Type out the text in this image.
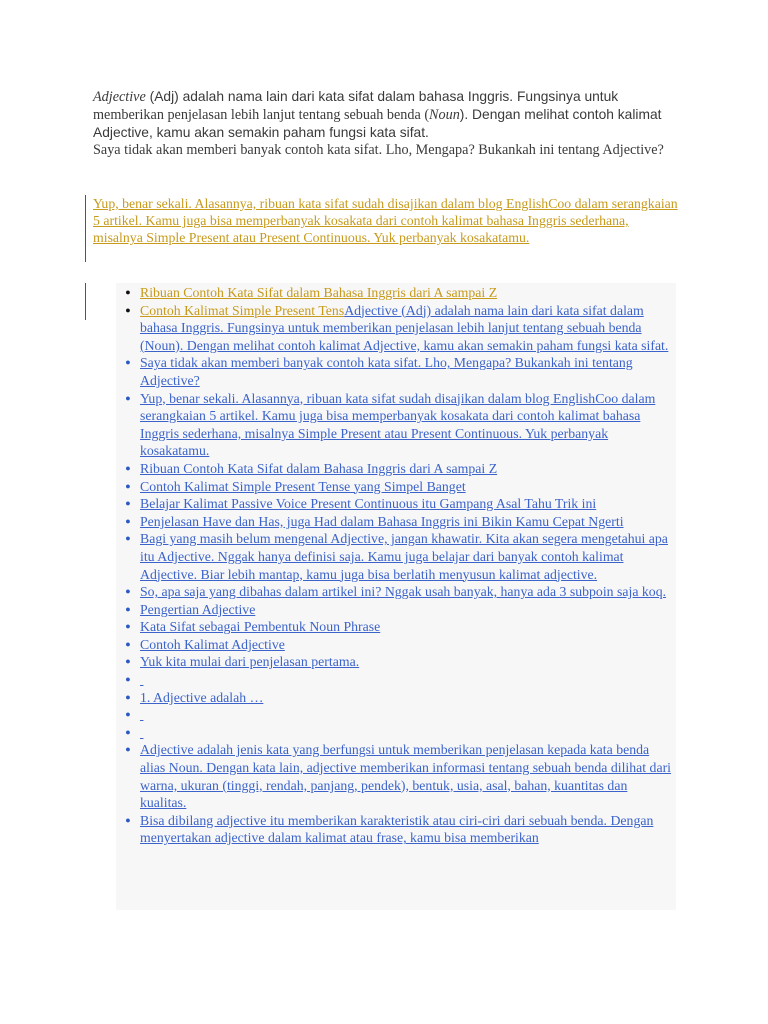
Adjective (Adj) adalah nama lain dari kata sifat dalam bahasa Inggris. Fungsinya untuk
memberikan penjelasan lebih lanjut tentang sebuah benda (Noun). Dengan melihat contoh kalimat Adjective, kamu akan semakin paham fungsi kata sifat.
Saya tidak akan memberi banyak contoh kata sifat. Lho, Mengapa? Bukankah ini tentang Adjective?
Yup, benar sekali. Alasannya, ribuan kata sifat sudah disajikan dalam blog EnglishCoo dalam serangkaian 5 artikel. Kamu juga bisa memperbanyak kosakata dari contoh kalimat bahasa Inggris sederhana, misalnya Simple Present atau Present Continuous. Yuk perbanyak kosakatamu.
● Ribuan Contoh Kata Sifat dalam Bahasa Inggris dari A sampai Z
● Contoh Kalimat Simple Present TensAdjective (Adj) adalah nama lain dari kata sifat dalam bahasa Inggris. Fungsinya untuk memberikan penjelasan lebih lanjut tentang sebuah benda (Noun). Dengan melihat contoh kalimat Adjective, kamu akan semakin paham fungsi kata sifat.
● Saya tidak akan memberi banyak contoh kata sifat. Lho, Mengapa? Bukankah ini tentang Adjective?
● Yup, benar sekali. Alasannya, ribuan kata sifat sudah disajikan dalam blog EnglishCoo dalam serangkaian 5 artikel. Kamu juga bisa memperbanyak kosakata dari contoh kalimat bahasa Inggris sederhana, misalnya Simple Present atau Present Continuous. Yuk perbanyak kosakatamu.
● Ribuan Contoh Kata Sifat dalam Bahasa Inggris dari A sampai Z
● Contoh Kalimat Simple Present Tense yang Simpel Banget
● Belajar Kalimat Passive Voice Present Continuous itu Gampang Asal Tahu Trik ini
● Penjelasan Have dan Has, juga Had dalam Bahasa Inggris ini Bikin Kamu Cepat Ngerti
● Bagi yang masih belum mengenal Adjective, jangan khawatir. Kita akan segera mengetahui apa itu Adjective. Nggak hanya definisi saja. Kamu juga belajar dari banyak contoh kalimat Adjective. Biar lebih mantap, kamu juga bisa berlatih menyusun kalimat adjective.
● So, apa saja yang dibahas dalam artikel ini? Nggak usah banyak, hanya ada 3 subpoin saja koq.
● Pengertian Adjective
● Kata Sifat sebagai Pembentuk Noun Phrase
● Contoh Kalimat Adjective
● Yuk kita mulai dari penjelasan pertama.
●

● 1. Adjective adalah …
●

●

● Adjective adalah jenis kata yang berfungsi untuk memberikan penjelasan kepada kata benda alias Noun. Dengan kata lain, adjective memberikan informasi tentang sebuah benda dilihat dari warna, ukuran (tinggi, rendah, panjang, pendek), bentuk, usia, asal, bahan, kuantitas dan kualitas.
● Bisa dibilang adjective itu memberikan karakteristik atau ciri-ciri dari sebuah benda. Dengan menyertakan adjective dalam kalimat atau frase, kamu bisa memberikan
